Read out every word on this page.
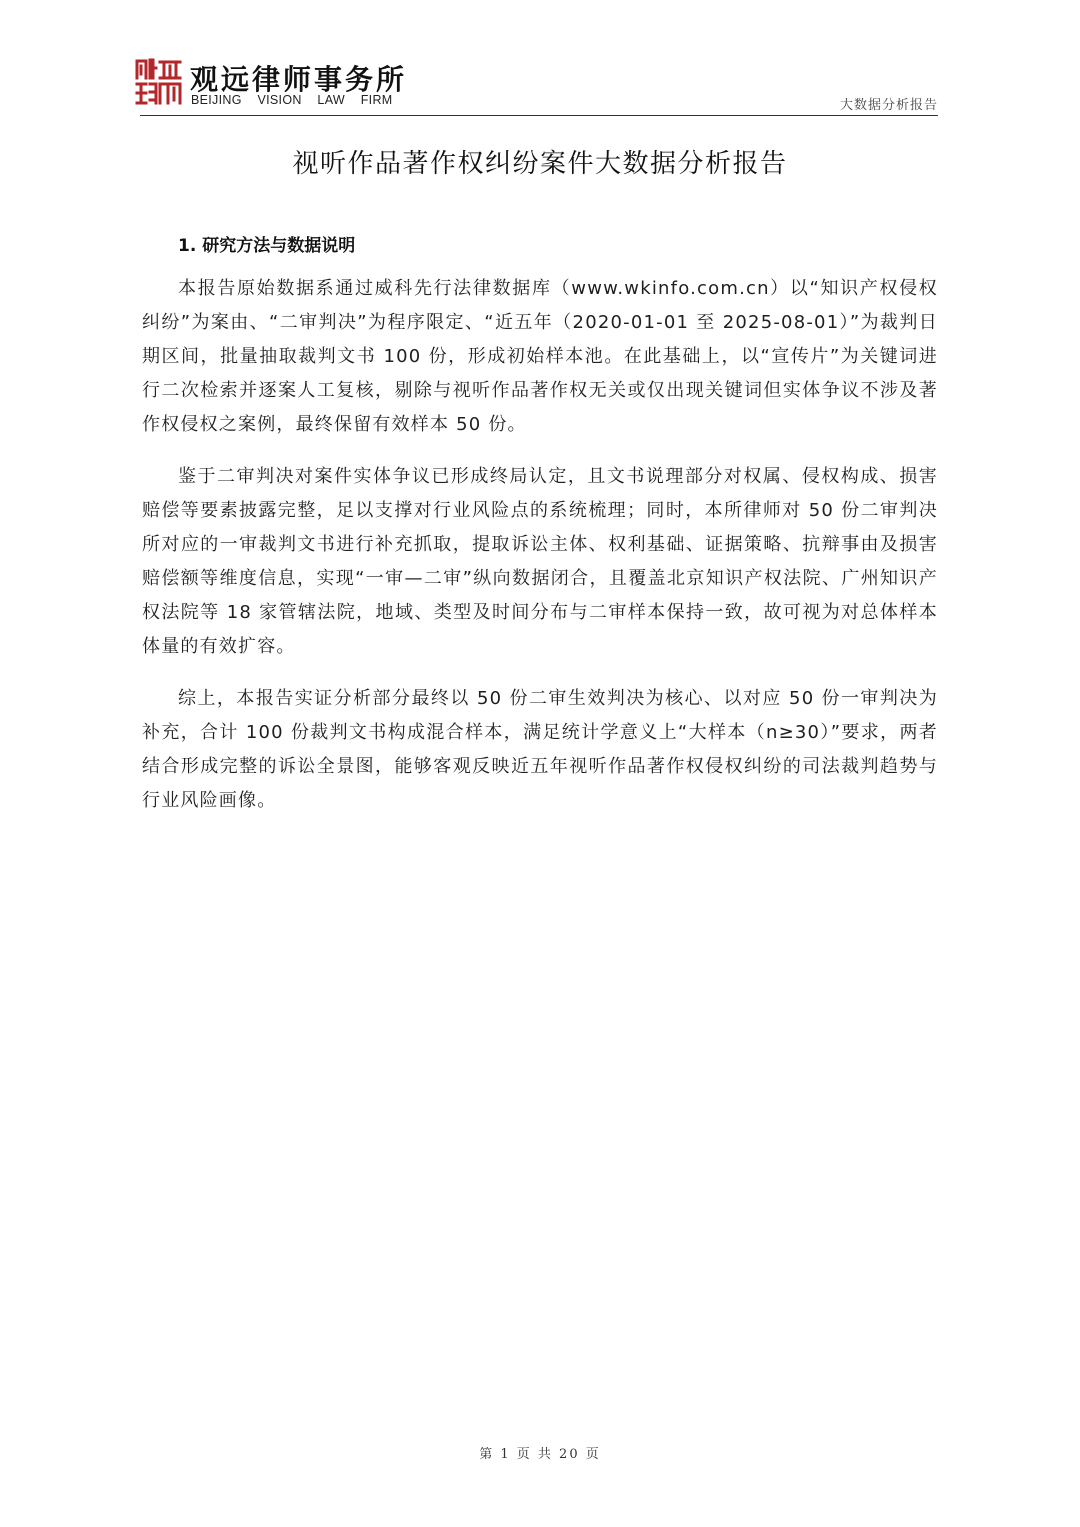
观远律师事务所
BEIJING VISION LAW FIRM	大数据分析报告
视听作品著作权纠纷案件大数据分析报告
1. 研究方法与数据说明

本报告原始数据系通过威科先行法律数据库（www.wkinfo.com.cn）以“知识产权侵权纠纷”为案由、“二审判决”为程序限定、“近五年（2020-01-01 至 2025-08-01）”为裁判日期区间，批量抽取裁判文书 100 份，形成初始样本池。在此基础上，以“宣传片”为关键词进行二次检索并逐案人工复核，剔除与视听作品著作权无关或仅出现关键词但实体争议不涉及著作权侵权之案例，最终保留有效样本 50 份。

鉴于二审判决对案件实体争议已形成终局认定，且文书说理部分对权属、侵权构成、损害赔偿等要素披露完整，足以支撑对行业风险点的系统梳理；同时，本所律师对 50 份二审判决所对应的一审裁判文书进行补充抓取，提取诉讼主体、权利基础、证据策略、抗辩事由及损害赔偿额等维度信息，实现“一审—二审”纵向数据闭合，且覆盖北京知识产权法院、广州知识产权法院等 18 家管辖法院，地域、类型及时间分布与二审样本保持一致，故可视为对总体样本体量的有效扩容。

综上，本报告实证分析部分最终以 50 份二审生效判决为核心、以对应 50 份一审判决为补充，合计 100 份裁判文书构成混合样本，满足统计学意义上“大样本（n≥30）”要求，两者结合形成完整的诉讼全景图，能够客观反映近五年视听作品著作权侵权纠纷的司法裁判趋势与行业风险画像。

第 1 页 共 20 页
